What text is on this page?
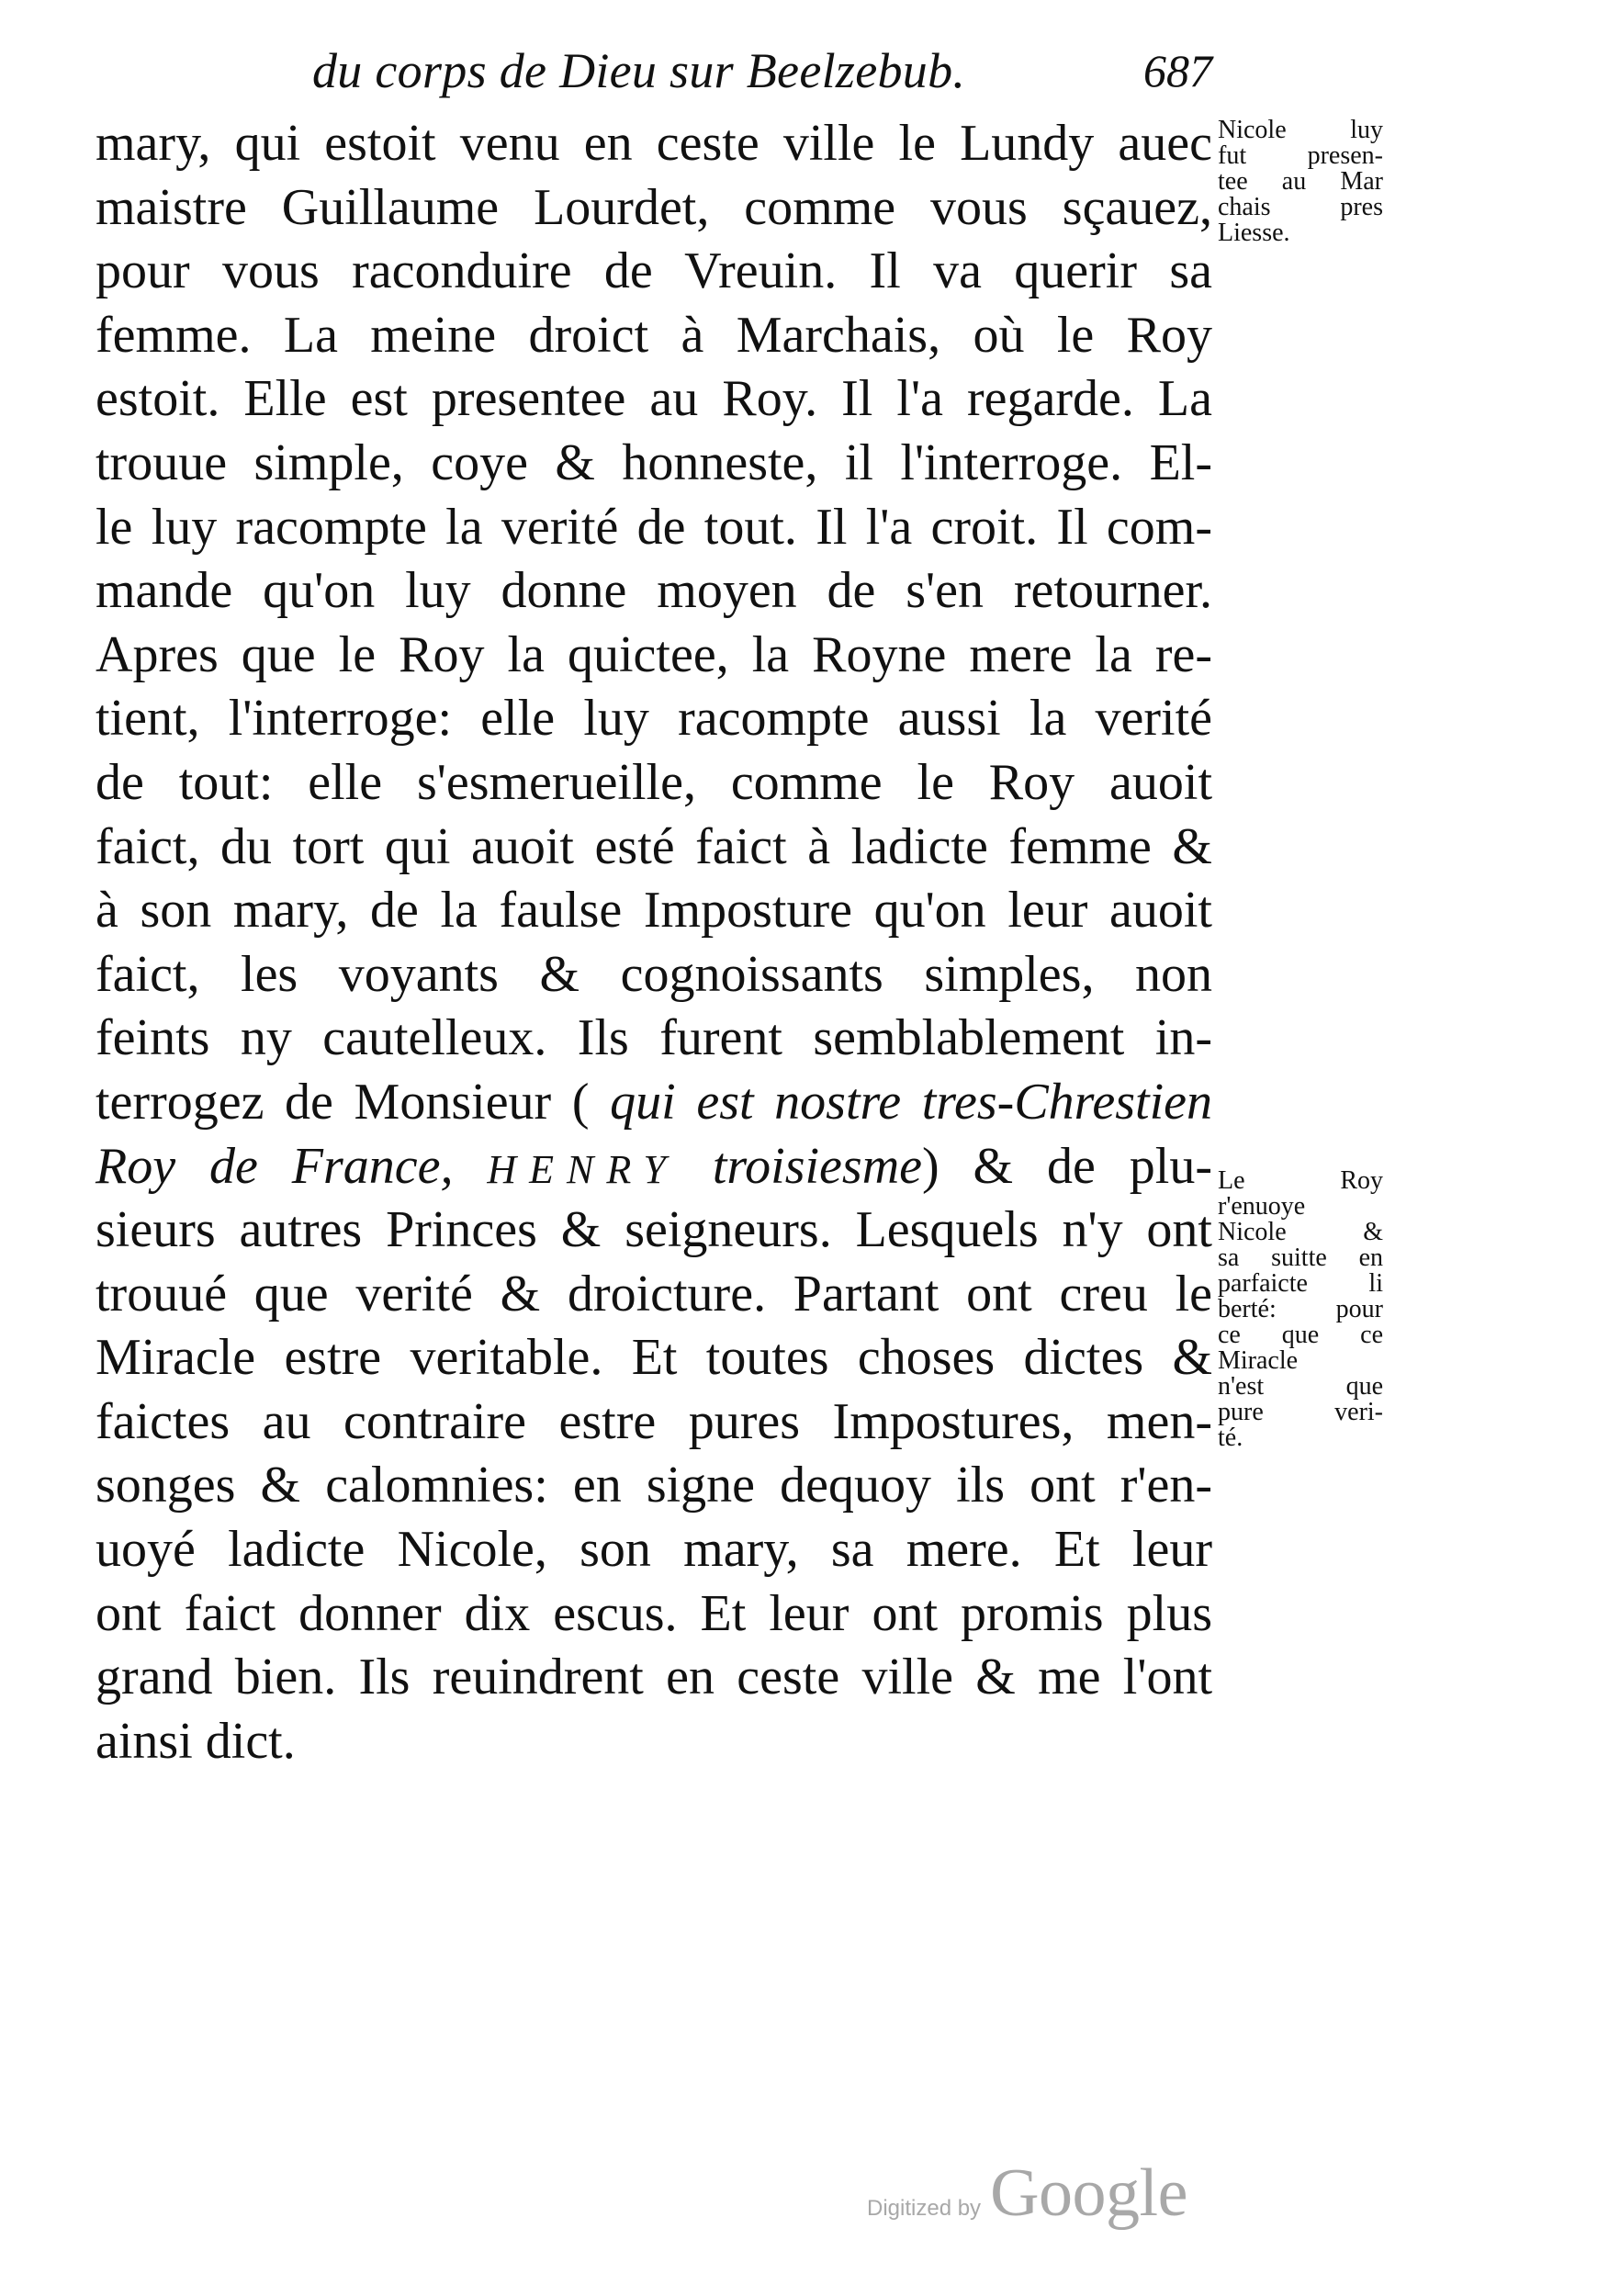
du corps de Dieu sur Beelzebub.	687
mary, qui estoit venu en ceste ville le Lundy auec
maistre Guillaume Lourdet, comme vous sçauez,
pour vous raconduire de Vreuin. Il va querir sa
femme. La meine droict à Marchais, où le Roy
estoit. Elle est presentee au Roy. Il l'a regarde. La
trouue simple, coye & honneste, il l'interroge. El-
le luy racompte la verité de tout. Il l'a croit. Il com-
mande qu'on luy donne moyen de s'en retourner.
Apres que le Roy la quictee, la Royne mere la re-
tient, l'interroge: elle luy racompte aussi la verité
de tout: elle s'esmerueille, comme le Roy auoit
faict, du tort qui auoit esté faict à ladicte femme &
à son mary, de la faulse Imposture qu'on leur auoit
faict, les voyants & cognoissants simples, non
feints ny cautelleux. Ils furent semblablement in-
terrogez de Monsieur ( qui est nostre tres-Chrestien
Roy de France, HENRY troisiesme) & de plu-
sieurs autres Princes & seigneurs. Lesquels n'y ont
trouué que verité & droicture. Partant ont creu le
Miracle estre veritable. Et toutes choses dictes &
faictes au contraire estre pures Impostures, men-
songes & calomnies: en signe dequoy ils ont r'en-
uoyé ladicte Nicole, son mary, sa mere. Et leur
ont faict donner dix escus. Et leur ont promis plus
grand bien. Ils reuindrent en ceste ville & me l'ont
ainsi dict.
Nicole luy
fut presen-
tee au Mar
chais pres
Liesse.
Le Roy
r'enuoye
Nicole &
sa suitte en
parfaicte li
berté: pour
ce que ce
Miracle
n'est que
pure veri-
té.
Digitized by Google
